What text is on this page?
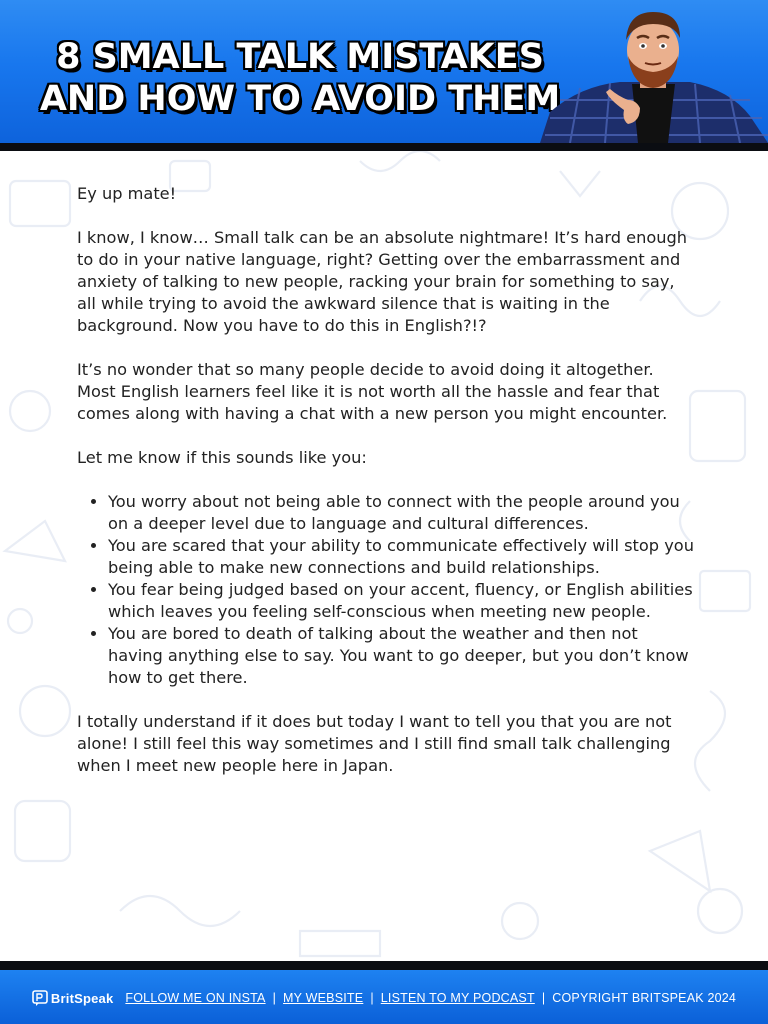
8 SMALL TALK MISTAKES
AND HOW TO AVOID THEM

Ey up mate!

I know, I know… Small talk can be an absolute nightmare! It’s hard enough to do in your native language, right? Getting over the embarrassment and anxiety of talking to new people, racking your brain for something to say, all while trying to avoid the awkward silence that is waiting in the background. Now you have to do this in English?!?

It’s no wonder that so many people decide to avoid doing it altogether. Most English learners feel like it is not worth all the hassle and fear that comes along with having a chat with a new person you might encounter.

Let me know if this sounds like you:

• You worry about not being able to connect with the people around you on a deeper level due to language and cultural differences.
• You are scared that your ability to communicate effectively will stop you being able to make new connections and build relationships.
• You fear being judged based on your accent, fluency, or English abilities which leaves you feeling self-conscious when meeting new people.
• You are bored to death of talking about the weather and then not having anything else to say. You want to go deeper, but you don’t know how to get there.

I totally understand if it does but today I want to tell you that you are not alone! I still feel this way sometimes and I still find small talk challenging when I meet new people here in Japan.

BritSpeak FOLLOW ME ON INSTA | MY WEBSITE | LISTEN TO MY PODCAST | COPYRIGHT BRITSPEAK 2024
